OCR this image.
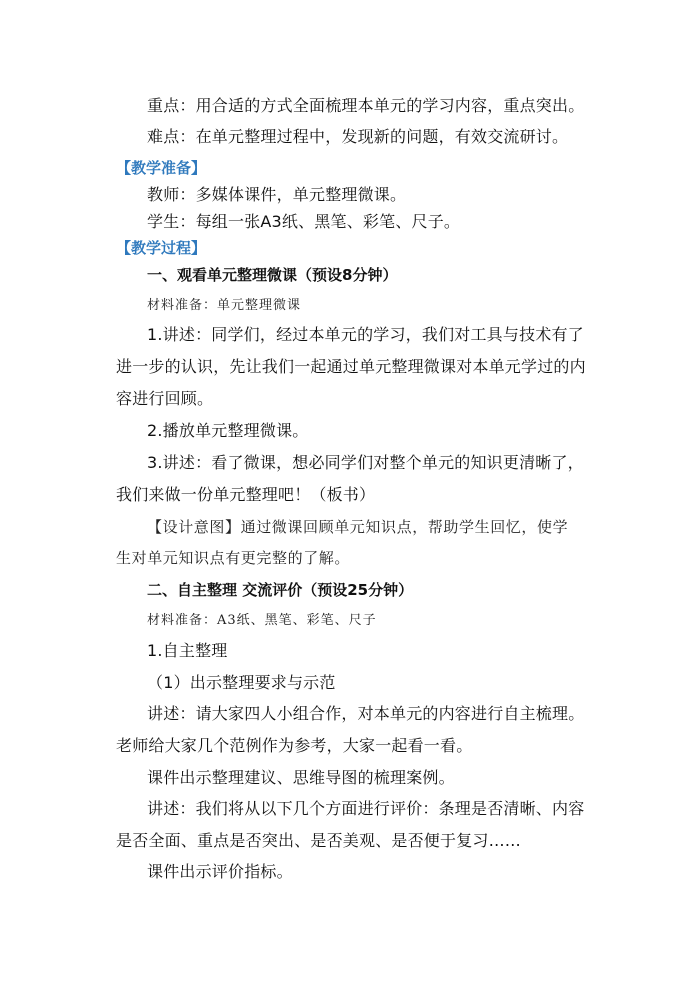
重点：用合适的方式全面梳理本单元的学习内容，重点突出。
难点：在单元整理过程中，发现新的问题，有效交流研讨。
【教学准备】
教师：多媒体课件，单元整理微课。
学生：每组一张A3纸、黑笔、彩笔、尺子。
【教学过程】
一、观看单元整理微课（预设8分钟）
材料准备：单元整理微课
1.讲述：同学们，经过本单元的学习，我们对工具与技术有了
进一步的认识，先让我们一起通过单元整理微课对本单元学过的内
容进行回顾。
2.播放单元整理微课。
3.讲述：看了微课，想必同学们对整个单元的知识更清晰了，
我们来做一份单元整理吧！（板书）
【设计意图】通过微课回顾单元知识点，帮助学生回忆，使学
生对单元知识点有更完整的了解。
二、自主整理 交流评价（预设25分钟）
材料准备：A3纸、黑笔、彩笔、尺子
1.自主整理
（1）出示整理要求与示范
讲述：请大家四人小组合作，对本单元的内容进行自主梳理。
老师给大家几个范例作为参考，大家一起看一看。
课件出示整理建议、思维导图的梳理案例。
讲述：我们将从以下几个方面进行评价：条理是否清晰、内容
是否全面、重点是否突出、是否美观、是否便于复习……
课件出示评价指标。
